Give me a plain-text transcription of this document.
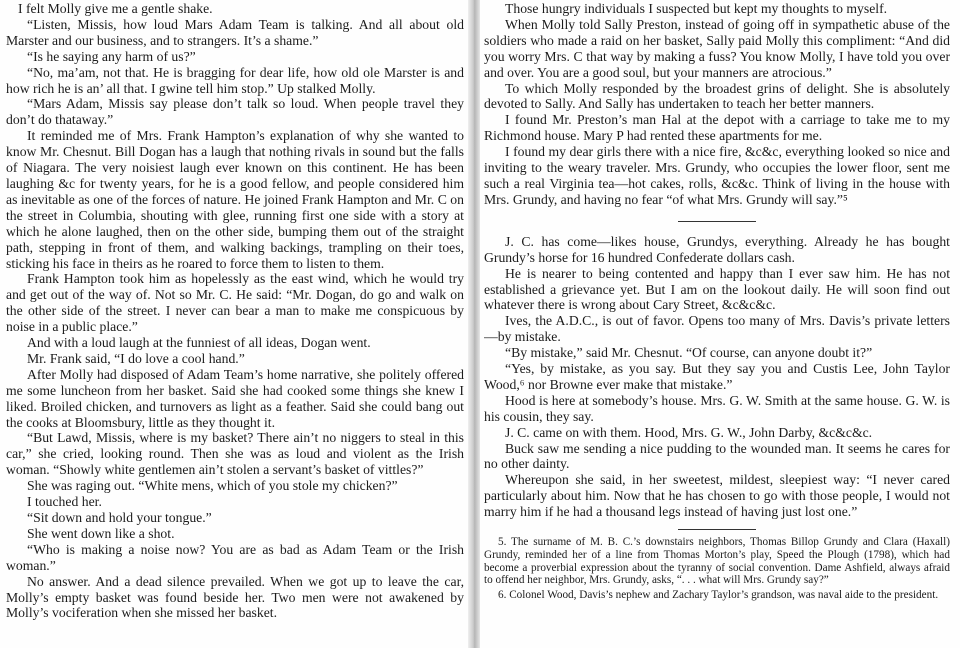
I felt Molly give me a gentle shake.

“Listen, Missis, how loud Mars Adam Team is talking. And all about old Marster and our business, and to strangers. It’s a shame.”

“Is he saying any harm of us?”

“No, ma’am, not that. He is bragging for dear life, how old ole Marster is and how rich he is an’ all that. I gwine tell him stop.” Up stalked Molly.

“Mars Adam, Missis say please don’t talk so loud. When people travel they don’t do thataway.”

It reminded me of Mrs. Frank Hampton’s explanation of why she wanted to know Mr. Chesnut. Bill Dogan has a laugh that nothing rivals in sound but the falls of Niagara. The very noisiest laugh ever known on this continent. He has been laughing &c for twenty years, for he is a good fellow, and people considered him as inevitable as one of the forces of nature. He joined Frank Hampton and Mr. C on the street in Columbia, shouting with glee, running first one side with a story at which he alone laughed, then on the other side, bumping them out of the straight path, stepping in front of them, and walking backings, trampling on their toes, sticking his face in theirs as he roared to force them to listen to them.

Frank Hampton took him as hopelessly as the east wind, which he would try and get out of the way of. Not so Mr. C. He said: “Mr. Dogan, do go and walk on the other side of the street. I never can bear a man to make me conspicuous by noise in a public place.”

And with a loud laugh at the funniest of all ideas, Dogan went.

Mr. Frank said, “I do love a cool hand.”

After Molly had disposed of Adam Team’s home narrative, she politely offered me some luncheon from her basket. Said she had cooked some things she knew I liked. Broiled chicken, and turnovers as light as a feather. Said she could bang out the cooks at Bloomsbury, little as they thought it.

“But Lawd, Missis, where is my basket? There ain’t no niggers to steal in this car,” she cried, looking round. Then she was as loud and violent as the Irish woman. “Showly white gentlemen ain’t stolen a servant’s basket of vittles?”

She was raging out. “White mens, which of you stole my chicken?”

I touched her.

“Sit down and hold your tongue.”

She went down like a shot.

“Who is making a noise now? You are as bad as Adam Team or the Irish woman.”

No answer. And a dead silence prevailed. When we got up to leave the car, Molly’s empty basket was found beside her. Two men were not awakened by Molly’s vociferation when she missed her basket.

Those hungry individuals I suspected but kept my thoughts to myself.

When Molly told Sally Preston, instead of going off in sympathetic abuse of the soldiers who made a raid on her basket, Sally paid Molly this compliment: “And did you worry Mrs. C that way by making a fuss? You know Molly, I have told you over and over. You are a good soul, but your manners are atrocious.”

To which Molly responded by the broadest grins of delight. She is absolutely devoted to Sally. And Sally has undertaken to teach her better manners.

I found Mr. Preston’s man Hal at the depot with a carriage to take me to my Richmond house. Mary P had rented these apartments for me.

I found my dear girls there with a nice fire, &c&c, everything looked so nice and inviting to the weary traveler. Mrs. Grundy, who occupies the lower floor, sent me such a real Virginia tea—hot cakes, rolls, &c&c. Think of living in the house with Mrs. Grundy, and having no fear “of what Mrs. Grundy will say.”⁵

J. C. has come—likes house, Grundys, everything. Already he has bought Grundy’s horse for 16 hundred Confederate dollars cash.

He is nearer to being contented and happy than I ever saw him. He has not established a grievance yet. But I am on the lookout daily. He will soon find out whatever there is wrong about Cary Street, &c&c&c.

Ives, the A.D.C., is out of favor. Opens too many of Mrs. Davis’s private letters—by mistake.

“By mistake,” said Mr. Chesnut. “Of course, can anyone doubt it?”

“Yes, by mistake, as you say. But they say you and Custis Lee, John Taylor Wood,⁶ nor Browne ever make that mistake.”

Hood is here at somebody’s house. Mrs. G. W. Smith at the same house. G. W. is his cousin, they say.

J. C. came on with them. Hood, Mrs. G. W., John Darby, &c&c&c.

Buck saw me sending a nice pudding to the wounded man. It seems he cares for no other dainty.

Whereupon she said, in her sweetest, mildest, sleepiest way: “I never cared particularly about him. Now that he has chosen to go with those people, I would not marry him if he had a thousand legs instead of having just lost one.”

5. The surname of M. B. C.’s downstairs neighbors, Thomas Billop Grundy and Clara (Haxall) Grundy, reminded her of a line from Thomas Morton’s play, Speed the Plough (1798), which had become a proverbial expression about the tyranny of social convention. Dame Ashfield, always afraid to offend her neighbor, Mrs. Grundy, asks, “. . . what will Mrs. Grundy say?”

6. Colonel Wood, Davis’s nephew and Zachary Taylor’s grandson, was naval aide to the president.
